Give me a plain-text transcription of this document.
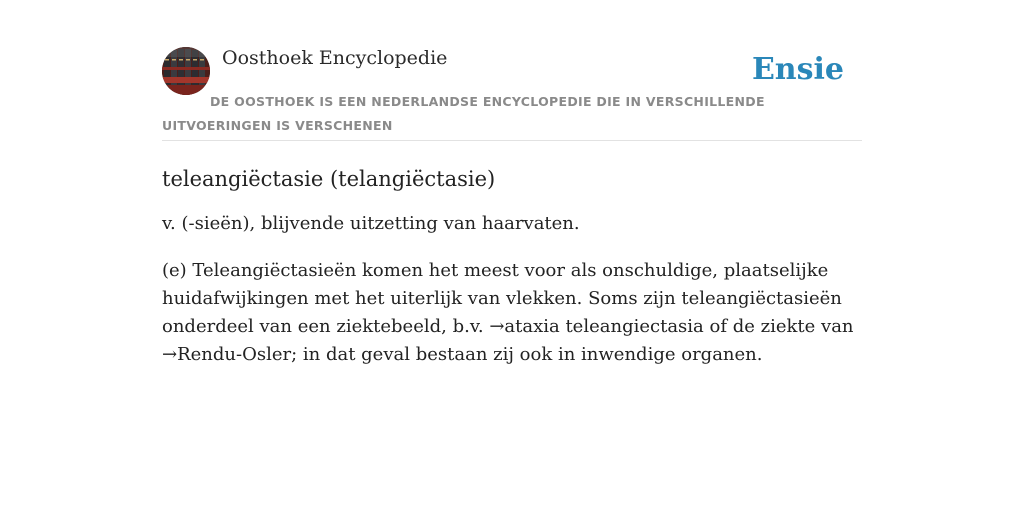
Oosthoek Encyclopedie	Ensie
DE OOSTHOEK IS EEN NEDERLANDSE ENCYCLOPEDIE DIE IN VERSCHILLENDE UITVOERINGEN IS VERSCHENEN
teleangiëctasie (telangiëctasie)

v. (-sieën), blijvende uitzetting van haarvaten.

(e) Teleangiëctasieën komen het meest voor als onschuldige, plaatselijke huidafwijkingen met het uiterlijk van vlekken. Soms zijn teleangiëctasieën onderdeel van een ziektebeeld, b.v. →ataxia teleangiectasia of de ziekte van →Rendu-Osler; in dat geval bestaan zij ook in inwendige organen.
